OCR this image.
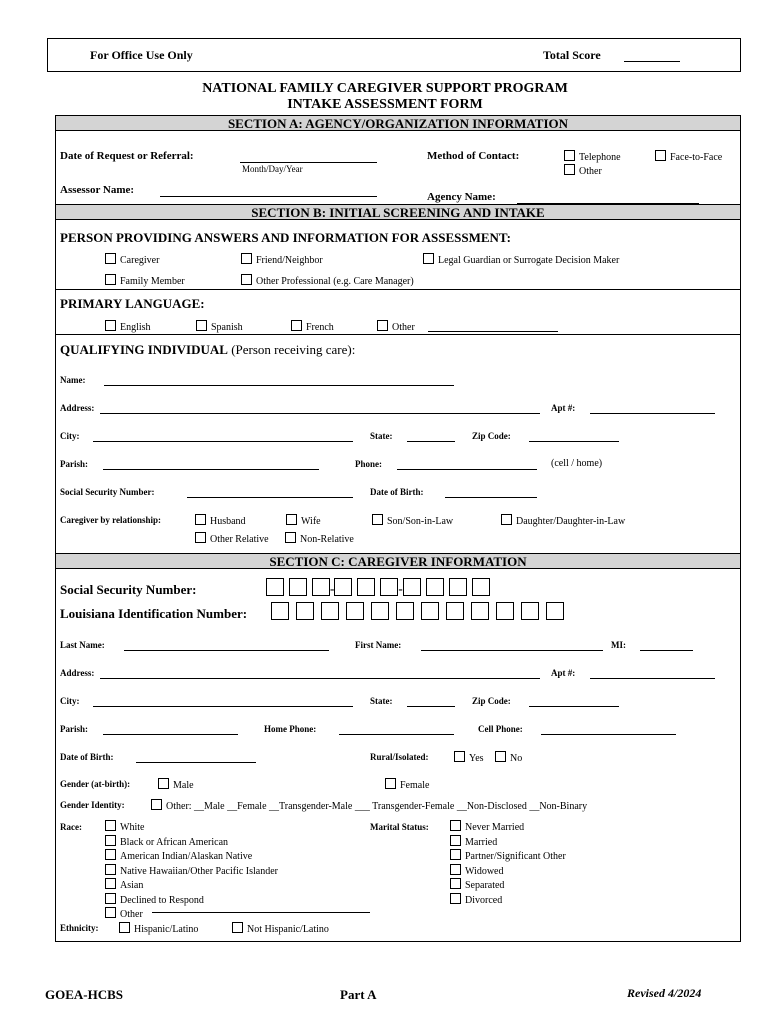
For Office Use Only	Total Score
NATIONAL FAMILY CAREGIVER SUPPORT PROGRAM
INTAKE ASSESSMENT FORM
SECTION A: AGENCY/ORGANIZATION INFORMATION
Date of Request or Referral:
Month/Day/Year
Method of Contact:	Telephone	Face-to-Face
Other
Assessor Name:
Agency Name:
SECTION B: INITIAL SCREENING AND INTAKE
PERSON PROVIDING ANSWERS AND INFORMATION FOR ASSESSMENT:
Caregiver	Friend/Neighbor	Legal Guardian or Surrogate Decision Maker
Family Member	Other Professional (e.g. Care Manager)
PRIMARY LANGUAGE:
English	Spanish	French	Other
QUALIFYING INDIVIDUAL (Person receiving care):
Name:
Address:	Apt #:
City:	State:	Zip Code:
Parish:	Phone:	(cell / home)
Social Security Number:	Date of Birth:
Caregiver by relationship:	Husband	Wife	Son/Son-in-Law	Daughter/Daughter-in-Law
Other Relative	Non-Relative
SECTION C: CAREGIVER INFORMATION
Social Security Number:	-	-
Louisiana Identification Number:
Last Name:	First Name:	MI:
Address:	Apt #:
City:	State:	Zip Code:
Parish:	Home Phone:	Cell Phone:
Date of Birth:	Rural/Isolated:	Yes	No
Gender (at-birth):	Male	Female
Gender Identity:	Other: __Male __Female __Transgender-Male ___ Transgender-Female __Non-Disclosed __Non-Binary
Race:	White
Black or African American
American Indian/Alaskan Native
Native Hawaiian/Other Pacific Islander
Asian
Declined to Respond
Other
Marital Status:	Never Married
Married
Partner/Significant Other
Widowed
Separated
Divorced
Ethnicity:	Hispanic/Latino	Not Hispanic/Latino
GOEA-HCBS	Part A	Revised 4/2024
